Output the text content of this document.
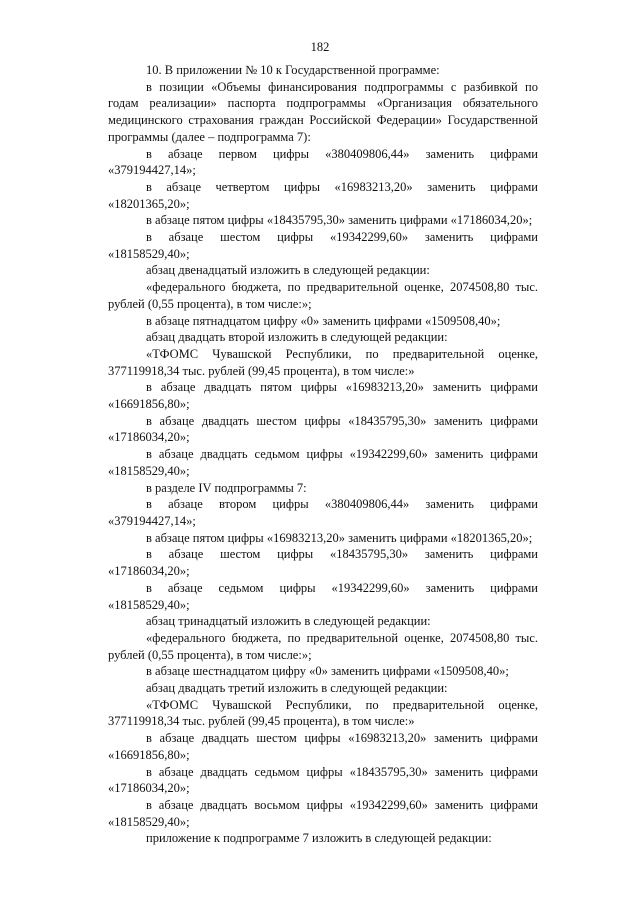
182

10. В приложении № 10 к Государственной программе:

в позиции «Объемы финансирования подпрограммы с разбивкой по годам реализации» паспорта подпрограммы «Организация обязательного медицинского страхования граждан Российской Федерации» Государственной программы (далее – подпрограмма 7):

в абзаце первом цифры «380409806,44» заменить цифрами «379194427,14»;

в абзаце четвертом цифры «16983213,20» заменить цифрами «18201365,20»;

в абзаце пятом цифры «18435795,30» заменить цифрами «17186034,20»;

в абзаце шестом цифры «19342299,60» заменить цифрами «18158529,40»;

абзац двенадцатый изложить в следующей редакции:

«федерального бюджета, по предварительной оценке, 2074508,80 тыс. рублей (0,55 процента), в том числе:»;

в абзаце пятнадцатом цифру «0» заменить цифрами «1509508,40»;

абзац двадцать второй изложить в следующей редакции:

«ТФОМС Чувашской Республики, по предварительной оценке, 377119918,34 тыс. рублей (99,45 процента), в том числе:»

в абзаце двадцать пятом цифры «16983213,20» заменить цифрами «16691856,80»;

в абзаце двадцать шестом цифры «18435795,30» заменить цифрами «17186034,20»;

в абзаце двадцать седьмом цифры «19342299,60» заменить цифрами «18158529,40»;

в разделе IV подпрограммы 7:

в абзаце втором цифры «380409806,44» заменить цифрами «379194427,14»;

в абзаце пятом цифры «16983213,20» заменить цифрами «18201365,20»;

в абзаце шестом цифры «18435795,30» заменить цифрами «17186034,20»;

в абзаце седьмом цифры «19342299,60» заменить цифрами «18158529,40»;

абзац тринадцатый изложить в следующей редакции:

«федерального бюджета, по предварительной оценке, 2074508,80 тыс. рублей (0,55 процента), в том числе:»;

в абзаце шестнадцатом цифру «0» заменить цифрами «1509508,40»;

абзац двадцать третий изложить в следующей редакции:

«ТФОМС Чувашской Республики, по предварительной оценке, 377119918,34 тыс. рублей (99,45 процента), в том числе:»

в абзаце двадцать шестом цифры «16983213,20» заменить цифрами «16691856,80»;

в абзаце двадцать седьмом цифры «18435795,30» заменить цифрами «17186034,20»;

в абзаце двадцать восьмом цифры «19342299,60» заменить цифрами «18158529,40»;

приложение к подпрограмме 7 изложить в следующей редакции:
